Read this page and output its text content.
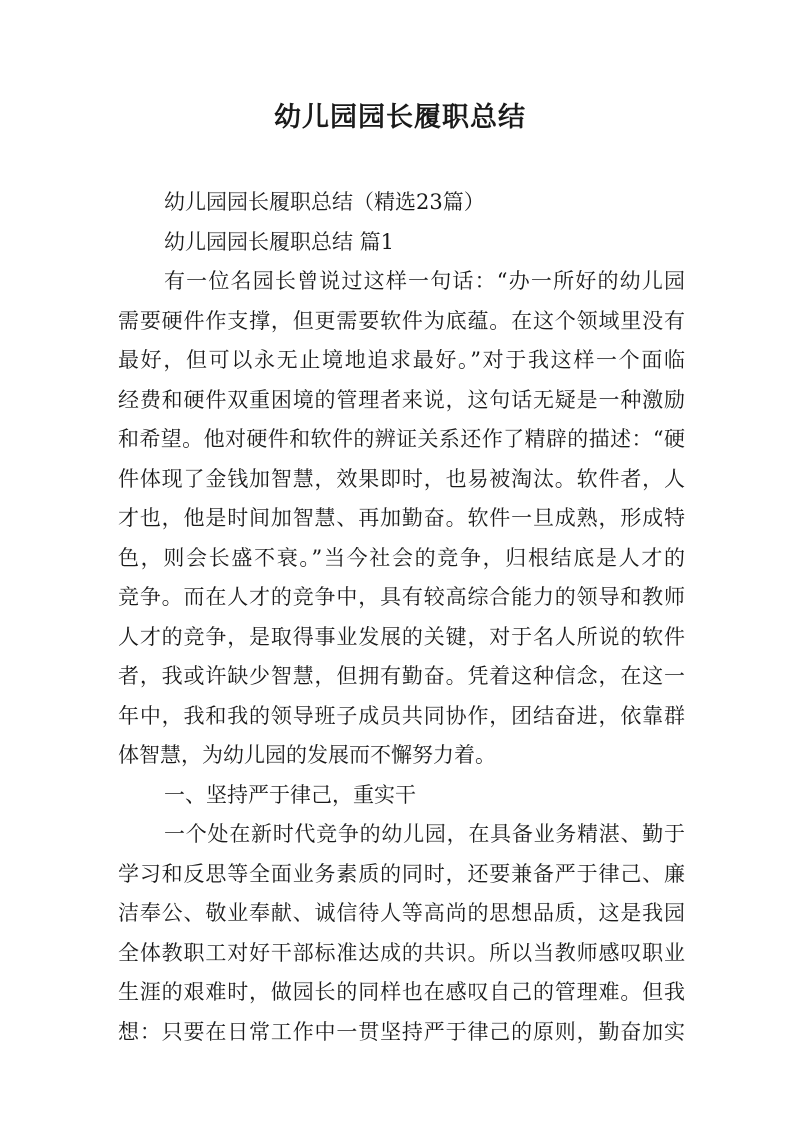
幼儿园园长履职总结

幼儿园园长履职总结（精选23篇）

幼儿园园长履职总结 篇1

有一位名园长曾说过这样一句话：“办一所好的幼儿园

需要硬件作支撑，但更需要软件为底蕴。在这个领域里没有

最好，但可以永无止境地追求最好。”对于我这样一个面临

经费和硬件双重困境的管理者来说，这句话无疑是一种激励

和希望。他对硬件和软件的辨证关系还作了精辟的描述：“硬

件体现了金钱加智慧，效果即时，也易被淘汰。软件者，人

才也，他是时间加智慧、再加勤奋。软件一旦成熟，形成特

色，则会长盛不衰。”当今社会的竞争，归根结底是人才的

竞争。而在人才的竞争中，具有较高综合能力的领导和教师

人才的竞争，是取得事业发展的关键，对于名人所说的软件

者，我或许缺少智慧，但拥有勤奋。凭着这种信念，在这一

年中，我和我的领导班子成员共同协作，团结奋进，依靠群

体智慧，为幼儿园的发展而不懈努力着。

一、坚持严于律己，重实干

一个处在新时代竞争的幼儿园，在具备业务精湛、勤于

学习和反思等全面业务素质的同时，还要兼备严于律己、廉

洁奉公、敬业奉献、诚信待人等高尚的思想品质，这是我园

全体教职工对好干部标准达成的共识。所以当教师感叹职业

生涯的艰难时，做园长的同样也在感叹自己的管理难。但我

想：只要在日常工作中一贯坚持严于律己的原则，勤奋加实
